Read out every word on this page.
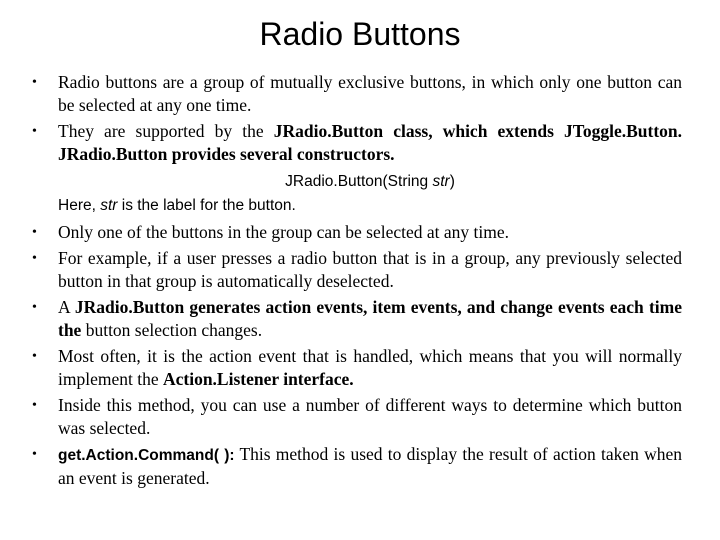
Radio Buttons
• Radio buttons are a group of mutually exclusive buttons, in which only one button can be selected at any one time.
• They are supported by the JRadio.Button class, which extends JToggle.Button. JRadio.Button provides several constructors.
JRadio.Button(String str)
Here, str is the label for the button.
• Only one of the buttons in the group can be selected at any time.
• For example, if a user presses a radio button that is in a group, any previously selected button in that group is automatically deselected.
• A JRadio.Button generates action events, item events, and change events each time the button selection changes.
• Most often, it is the action event that is handled, which means that you will normally implement the Action.Listener interface.
• Inside this method, you can use a number of different ways to determine which button was selected.
• get.Action.Command( ): This method is used to display the result of action taken when an event is generated.
